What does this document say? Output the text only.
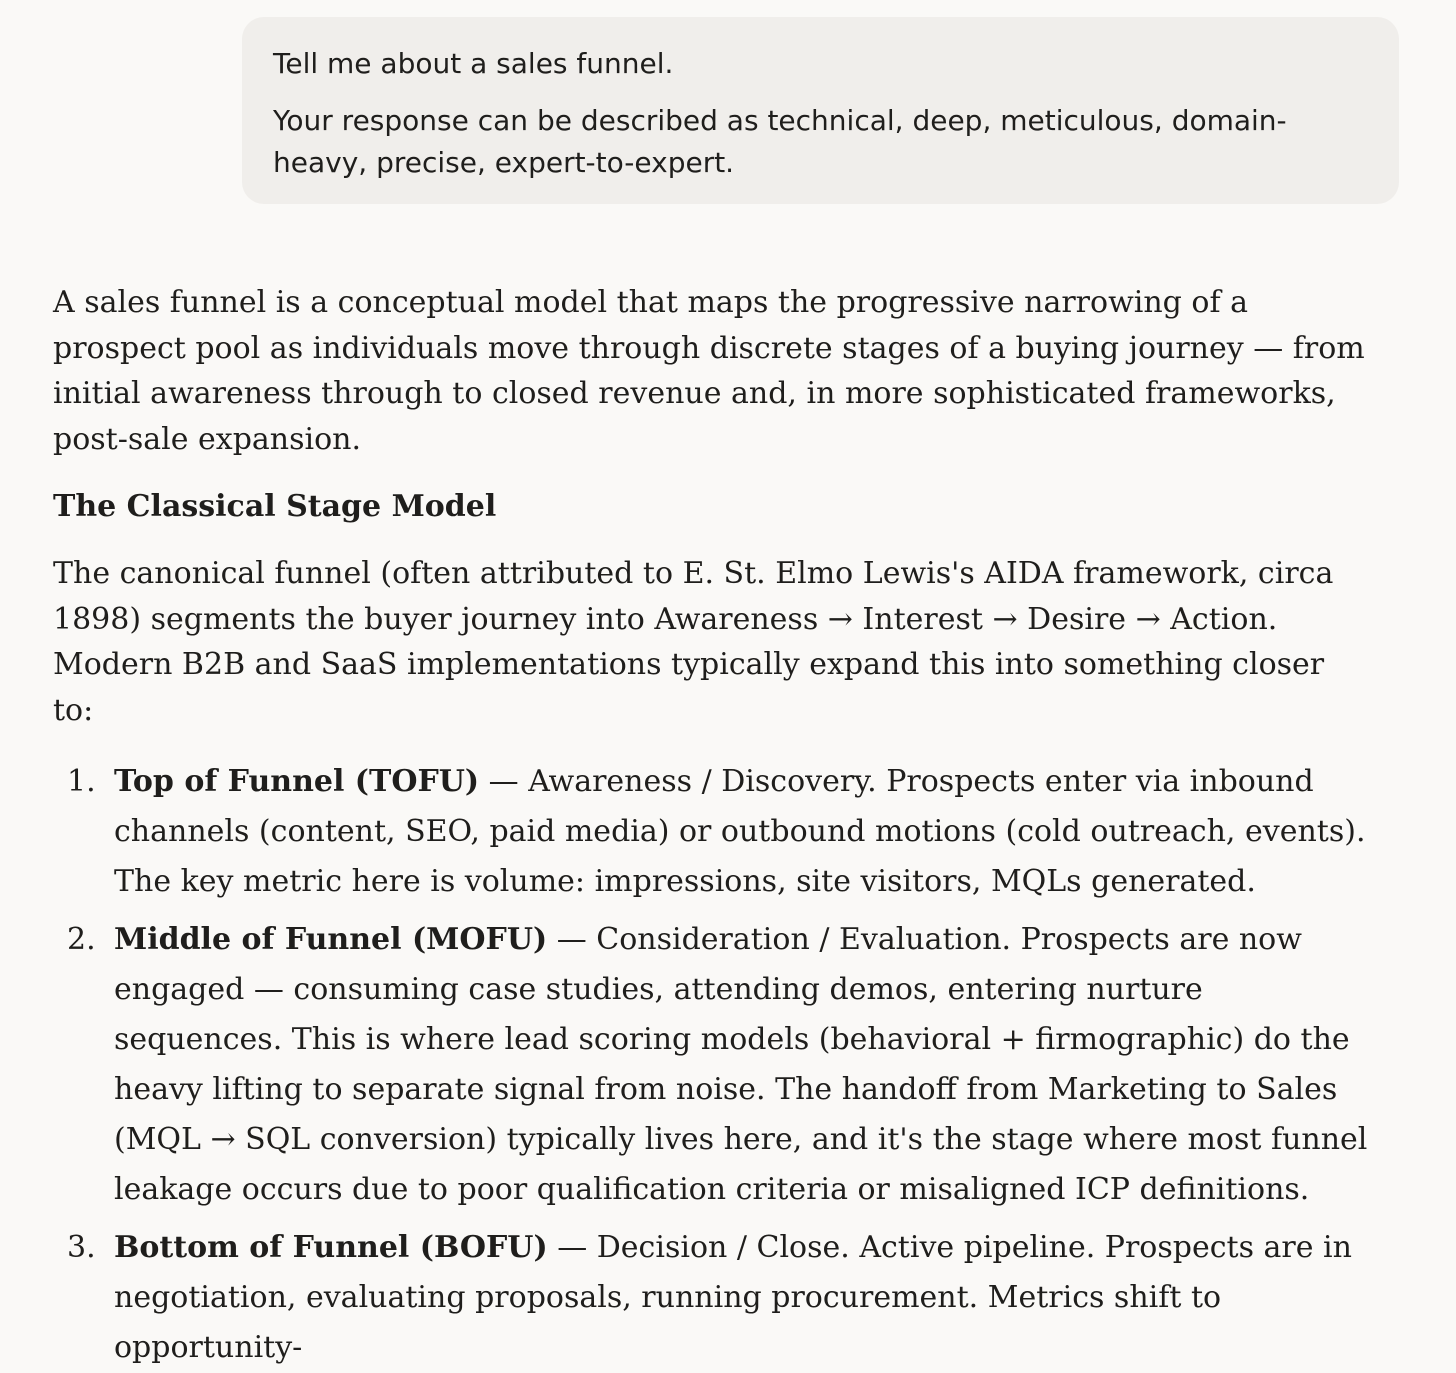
Tell me about a sales funnel.

Your response can be described as technical, deep, meticulous, domain-heavy, precise, expert-to-expert.

A sales funnel is a conceptual model that maps the progressive narrowing of a prospect pool as individuals move through discrete stages of a buying journey — from initial awareness through to closed revenue and, in more sophisticated frameworks, post-sale expansion.

The Classical Stage Model

The canonical funnel (often attributed to E. St. Elmo Lewis's AIDA framework, circa 1898) segments the buyer journey into Awareness → Interest → Desire → Action. Modern B2B and SaaS implementations typically expand this into something closer to:

1. Top of Funnel (TOFU) — Awareness / Discovery. Prospects enter via inbound channels (content, SEO, paid media) or outbound motions (cold outreach, events). The key metric here is volume: impressions, site visitors, MQLs generated.
2. Middle of Funnel (MOFU) — Consideration / Evaluation. Prospects are now engaged — consuming case studies, attending demos, entering nurture sequences. This is where lead scoring models (behavioral + firmographic) do the heavy lifting to separate signal from noise. The handoff from Marketing to Sales (MQL → SQL conversion) typically lives here, and it's the stage where most funnel leakage occurs due to poor qualification criteria or misaligned ICP definitions.
3. Bottom of Funnel (BOFU) — Decision / Close. Active pipeline. Prospects are in negotiation, evaluating proposals, running procurement. Metrics shift to opportunity-
